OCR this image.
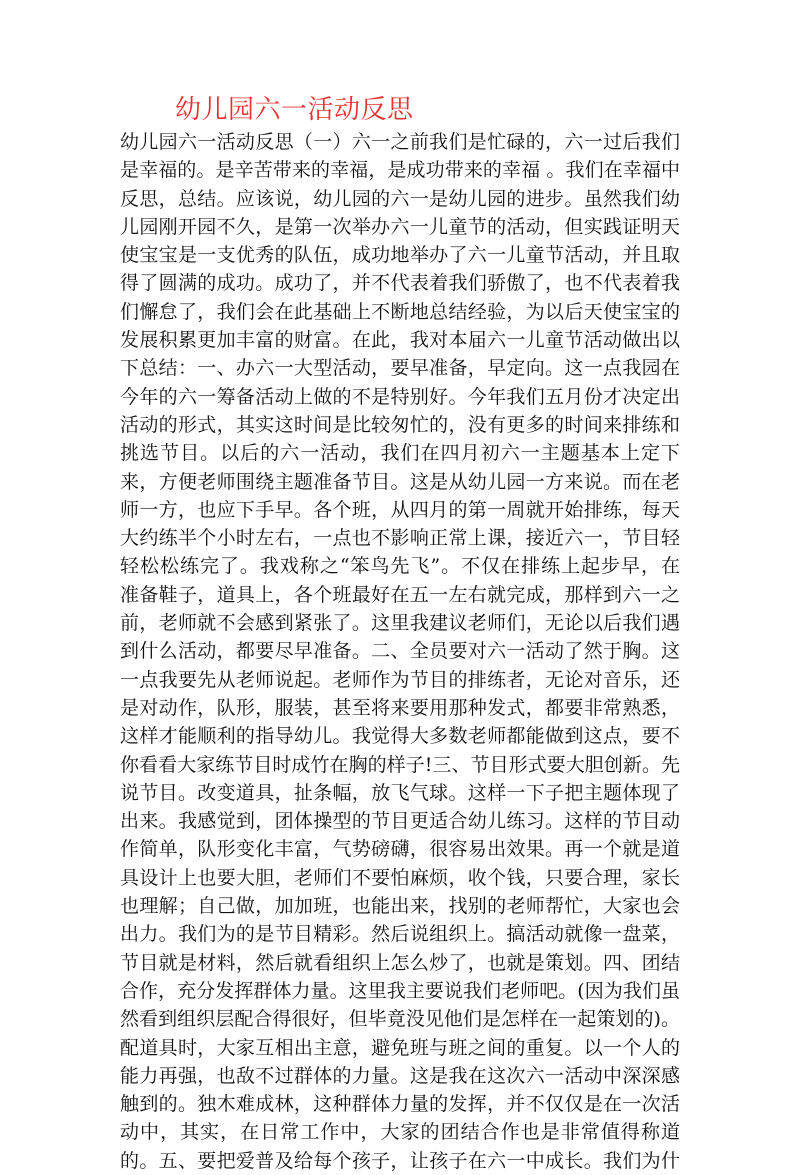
幼儿园六一活动反思
幼儿园六一活动反思（一）六一之前我们是忙碌的，六一过后我们
是幸福的。是辛苦带来的幸福，是成功带来的幸福 。我们在幸福中
反思，总结。应该说，幼儿园的六一是幼儿园的进步。虽然我们幼
儿园刚开园不久，是第一次举办六一儿童节的活动，但实践证明天
使宝宝是一支优秀的队伍，成功地举办了六一儿童节活动，并且取
得了圆满的成功。成功了，并不代表着我们骄傲了，也不代表着我
们懈怠了，我们会在此基础上不断地总结经验，为以后天使宝宝的
发展积累更加丰富的财富。在此，我对本届六一儿童节活动做出以
下总结：一、办六一大型活动，要早准备，早定向。这一点我园在
今年的六一筹备活动上做的不是特别好。今年我们五月份才决定出
活动的形式，其实这时间是比较匆忙的，没有更多的时间来排练和
挑选节目。以后的六一活动，我们在四月初六一主题基本上定下
来，方便老师围绕主题准备节目。这是从幼儿园一方来说。而在老
师一方，也应下手早。各个班，从四月的第一周就开始排练，每天
大约练半个小时左右，一点也不影响正常上课，接近六一，节目轻
轻松松练完了。我戏称之“笨鸟先飞”。不仅在排练上起步早，在
准备鞋子，道具上，各个班最好在五一左右就完成，那样到六一之
前，老师就不会感到紧张了。这里我建议老师们，无论以后我们遇
到什么活动，都要尽早准备。二、全员要对六一活动了然于胸。这
一点我要先从老师说起。老师作为节目的排练者，无论对音乐，还
是对动作，队形，服装，甚至将来要用那种发式，都要非常熟悉，
这样才能顺利的指导幼儿。我觉得大多数老师都能做到这点，要不
你看看大家练节目时成竹在胸的样子!三、节目形式要大胆创新。先
说节目。改变道具，扯条幅，放飞气球。这样一下子把主题体现了
出来。我感觉到，团体操型的节目更适合幼儿练习。这样的节目动
作简单，队形变化丰富，气势磅礴，很容易出效果。再一个就是道
具设计上也要大胆，老师们不要怕麻烦，收个钱，只要合理，家长
也理解；自己做，加加班，也能出来，找别的老师帮忙，大家也会
出力。我们为的是节目精彩。然后说组织上。搞活动就像一盘菜，
节目就是材料，然后就看组织上怎么炒了，也就是策划。四、团结
合作，充分发挥群体力量。这里我主要说我们老师吧。(因为我们虽
然看到组织层配合得很好，但毕竟没见他们是怎样在一起策划的)。
配道具时，大家互相出主意，避免班与班之间的重复。以一个人的
能力再强，也敌不过群体的力量。这是我在这次六一活动中深深感
触到的。独木难成林，这种群体力量的发挥，并不仅仅是在一次活
动中，其实，在日常工作中，大家的团结合作也是非常值得称道
的。五、要把爱普及给每个孩子，让孩子在六一中成长。我们为什
